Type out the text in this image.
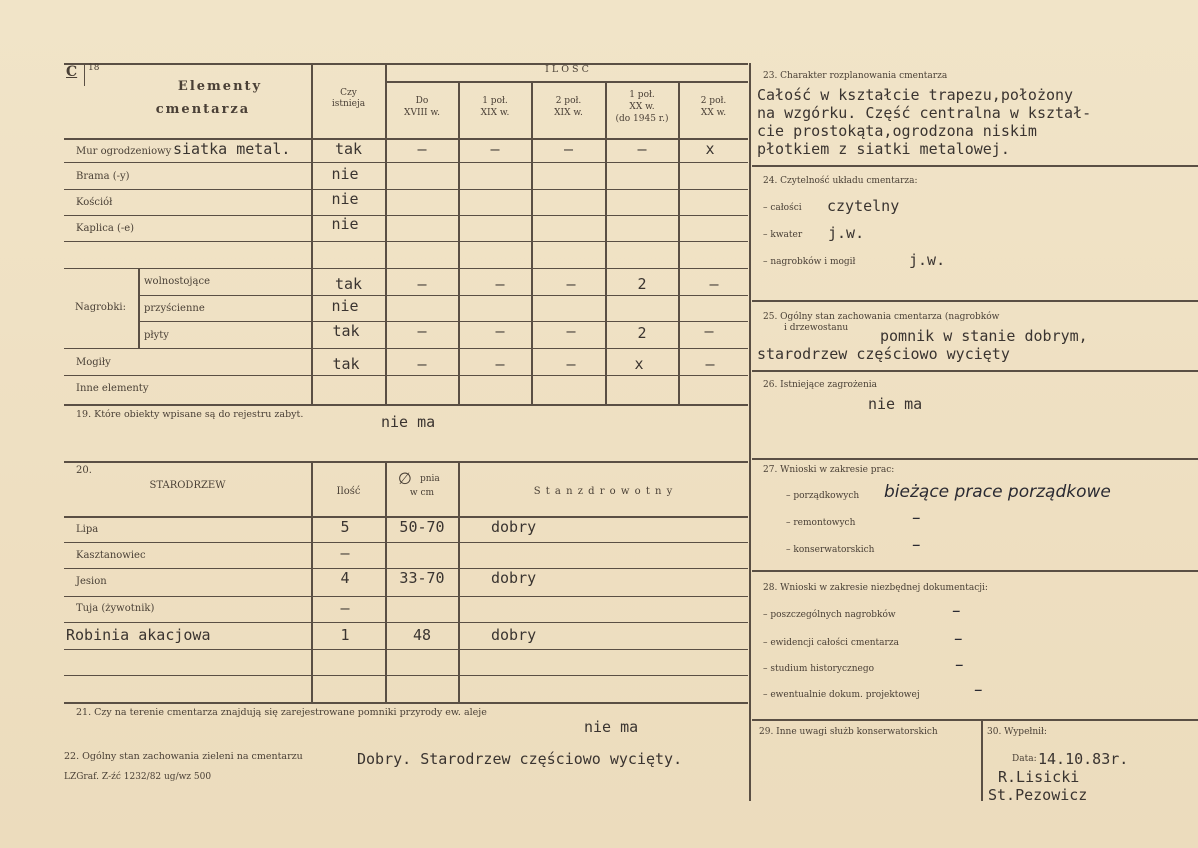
C 18
Elementy
cmentarza
Czy
istnieja
I L O Ś Ć
Do
XVIII w.
1 poł.
XIX w.
2 poł.
XIX w.
1 poł.
XX w.
(do 1945 r.)
2 poł.
XX w.
Mur ogrodzeniowy siatka metal.	tak	–	–	–	–	x
Brama (-y)	nie
Kościół	nie
Kaplica (-e)	nie
Nagrobki:
wolnostojące	tak	–	–	–	2	–
przyścienne	nie
płyty	tak	–	–	–	2	–
Mogiły	tak	–	–	–	x	–
Inne elementy
19. Które obiekty wpisane są do rejestru zabyt.	nie ma
20.
STARODRZEW
Ilość
∅ pnia
w cm	S t a n z d r o w o t n y
Lipa	5	50-70	dobry
Kasztanowiec	–
Jesion	4	33-70	dobry
Tuja (żywotnik)	–
Robinia akacjowa	1	48	dobry
21. Czy na terenie cmentarza znajdują się zarejestrowane pomniki przyrody ew. aleje
nie ma
22. Ogólny stan zachowania zieleni na cmentarzu	Dobry. Starodrzew częściowo wycięty.
LZGraf. Z-źć 1232/82 ug/wz 500
23. Charakter rozplanowania cmentarza
Całość w kształcie trapezu,położony
na wzgórku. Część centralna w kształ-
cie prostokąta,ogrodzona niskim
płotkiem z siatki metalowej.
24. Czytelność układu cmentarza:
– całości czytelny
– kwater j.w.
– nagrobków i mogił	j.w.
25. Ogólny stan zachowania cmentarza (nagrobków
i drzewostanu pomnik w stanie dobrym,
starodrzew częściowo wycięty
26. Istniejące zagrożenia
nie ma
27. Wnioski w zakresie prac:
– porządkowych bieżące prace porządkowe
– remontowych	–
– konserwatorskich –
28. Wnioski w zakresie niezbędnej dokumentacji:
– poszczególnych nagrobków	–
– ewidencji całości cmentarza	–
– studium historycznego	–
– ewentualnie dokum. projektowej	–
29. Inne uwagi służb konserwatorskich	30. Wypełnił:
Data: 14.10.83r.
R.Lisicki
St.Pezowicz
